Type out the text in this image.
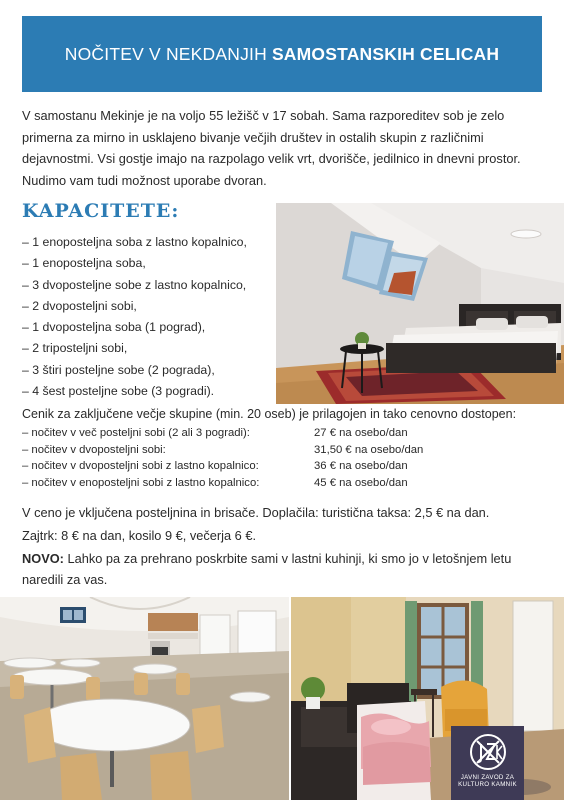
NOČITEV V NEKDANJIH SAMOSTANSKIH CELICAH

V samostanu Mekinje je na voljo 55 ležišč v 17 sobah. Sama razporeditev sob je zelo primerna za mirno in usklajeno bivanje večjih društev in ostalih skupin z različnimi dejavnostmi. Vsi gostje imajo na razpolago velik vrt, dvorišče, jedilnico in dnevni prostor. Nudimo vam tudi možnost uporabe dvoran.

KAPACITETE:
– 1 enoposteljna soba z lastno kopalnico,
– 1 enoposteljna soba,
– 3 dvoposteljne sobe z lastno kopalnico,
– 2 dvoposteljni sobi,
– 1 dvoposteljna soba (1 pograd),
– 2 triposteljni sobi,
– 3 štiri posteljne sobe (2 pograda),
– 4 šest posteljne sobe (3 pogradi).

Cenik za zaključene večje skupine (min. 20 oseb) je prilagojen in tako cenovno dostopen:

– nočitev v več posteljni sobi (2 ali 3 pogradi):	27 € na osebo/dan
– nočitev v dvoposteljni sobi:	31,50 € na osebo/dan
– nočitev v dvoposteljni sobi z lastno kopalnico:	36 € na osebo/dan
– nočitev v enoposteljni sobi z lastno kopalnico:	45 € na osebo/dan

V ceno je vključena posteljnina in brisače. Doplačila: turistična taksa: 2,5 € na dan.

Zajtrk: 8 € na dan, kosilo 9 €, večerja 6 €.

NOVO: Lahko pa za prehrano poskrbite sami v lastni kuhinji, ki smo jo v letošnjem letu naredili za vas.

JAVNI ZAVOD ZA
KULTURO KAMNIK
